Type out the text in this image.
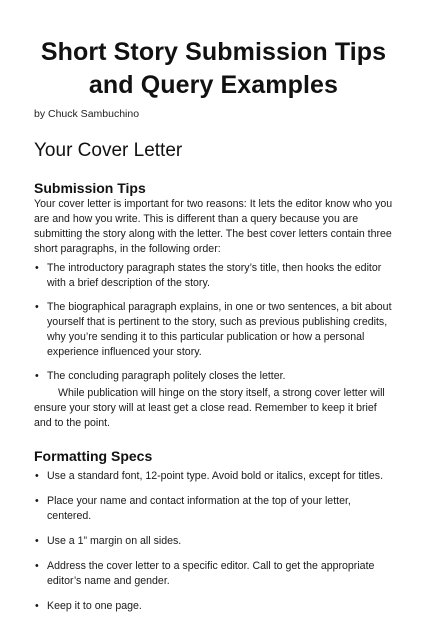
Short Story Submission Tips and Query Examples

by Chuck Sambuchino

Your Cover Letter
Submission Tips

Your cover letter is important for two reasons: It lets the editor know who you are and how you write. This is different than a query because you are submitting the story along with the letter. The best cover letters contain three short paragraphs, in the following order:

• The introductory paragraph states the story’s title, then hooks the editor with a brief description of the story.
• The biographical paragraph explains, in one or two sentences, a bit about yourself that is pertinent to the story, such as previous publishing credits, why you’re sending it to this particular publication or how a personal experience influenced your story.
• The concluding paragraph politely closes the letter.

While publication will hinge on the story itself, a strong cover letter will ensure your story will at least get a close read. Remember to keep it brief and to the point.

Formatting Specs
• Use a standard font, 12-point type. Avoid bold or italics, except for titles.
• Place your name and contact information at the top of your letter, centered.
• Use a 1” margin on all sides.
• Address the cover letter to a specific editor. Call to get the appropriate editor’s name and gender.
• Keep it to one page.
